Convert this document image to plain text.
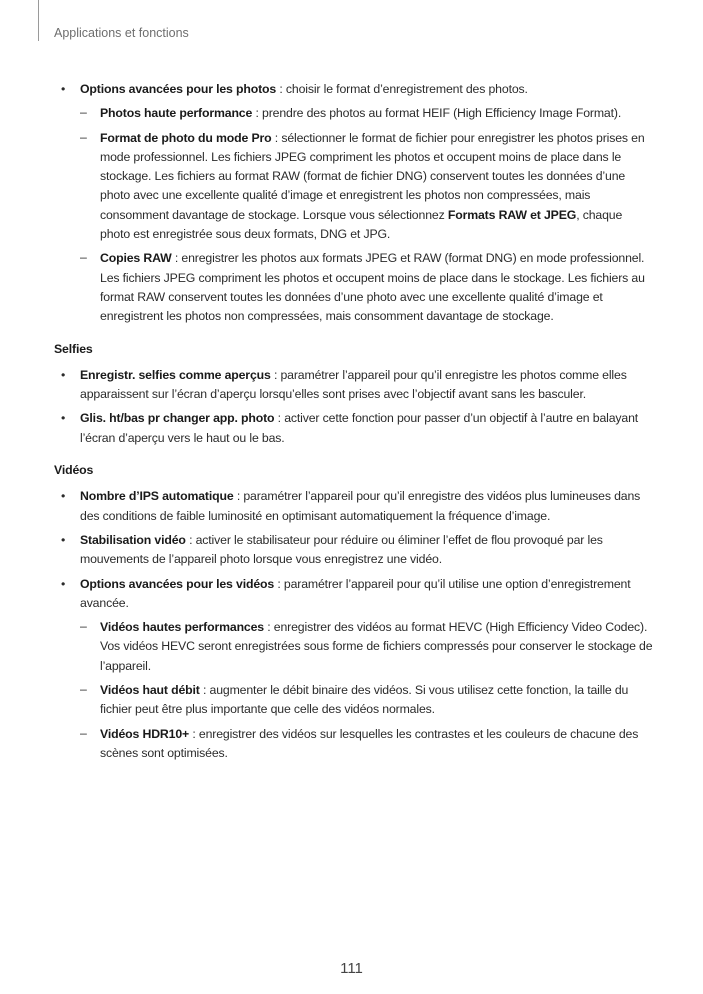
Applications et fonctions
• Options avancées pour les photos : choisir le format d’enregistrement des photos.
– Photos haute performance : prendre des photos au format HEIF (High Efficiency Image Format).
– Format de photo du mode Pro : sélectionner le format de fichier pour enregistrer les photos prises en mode professionnel. Les fichiers JPEG compriment les photos et occupent moins de place dans le stockage. Les fichiers au format RAW (format de fichier DNG) conservent toutes les données d’une photo avec une excellente qualité d’image et enregistrent les photos non compressées, mais consomment davantage de stockage. Lorsque vous sélectionnez Formats RAW et JPEG, chaque photo est enregistrée sous deux formats, DNG et JPG.
– Copies RAW : enregistrer les photos aux formats JPEG et RAW (format DNG) en mode professionnel. Les fichiers JPEG compriment les photos et occupent moins de place dans le stockage. Les fichiers au format RAW conservent toutes les données d’une photo avec une excellente qualité d’image et enregistrent les photos non compressées, mais consomment davantage de stockage.
Selfies
• Enregistr. selfies comme aperçus : paramétrer l’appareil pour qu’il enregistre les photos comme elles apparaissent sur l’écran d’aperçu lorsqu’elles sont prises avec l’objectif avant sans les basculer.
• Glis. ht/bas pr changer app. photo : activer cette fonction pour passer d’un objectif à l’autre en balayant l’écran d’aperçu vers le haut ou le bas.
Vidéos
• Nombre d’IPS automatique : paramétrer l’appareil pour qu’il enregistre des vidéos plus lumineuses dans des conditions de faible luminosité en optimisant automatiquement la fréquence d’image.
• Stabilisation vidéo : activer le stabilisateur pour réduire ou éliminer l’effet de flou provoqué par les mouvements de l’appareil photo lorsque vous enregistrez une vidéo.
• Options avancées pour les vidéos : paramétrer l’appareil pour qu’il utilise une option d’enregistrement avancée.
– Vidéos hautes performances : enregistrer des vidéos au format HEVC (High Efficiency Video Codec). Vos vidéos HEVC seront enregistrées sous forme de fichiers compressés pour conserver le stockage de l’appareil.
– Vidéos haut débit : augmenter le débit binaire des vidéos. Si vous utilisez cette fonction, la taille du fichier peut être plus importante que celle des vidéos normales.
– Vidéos HDR10+ : enregistrer des vidéos sur lesquelles les contrastes et les couleurs de chacune des scènes sont optimisées.
111
